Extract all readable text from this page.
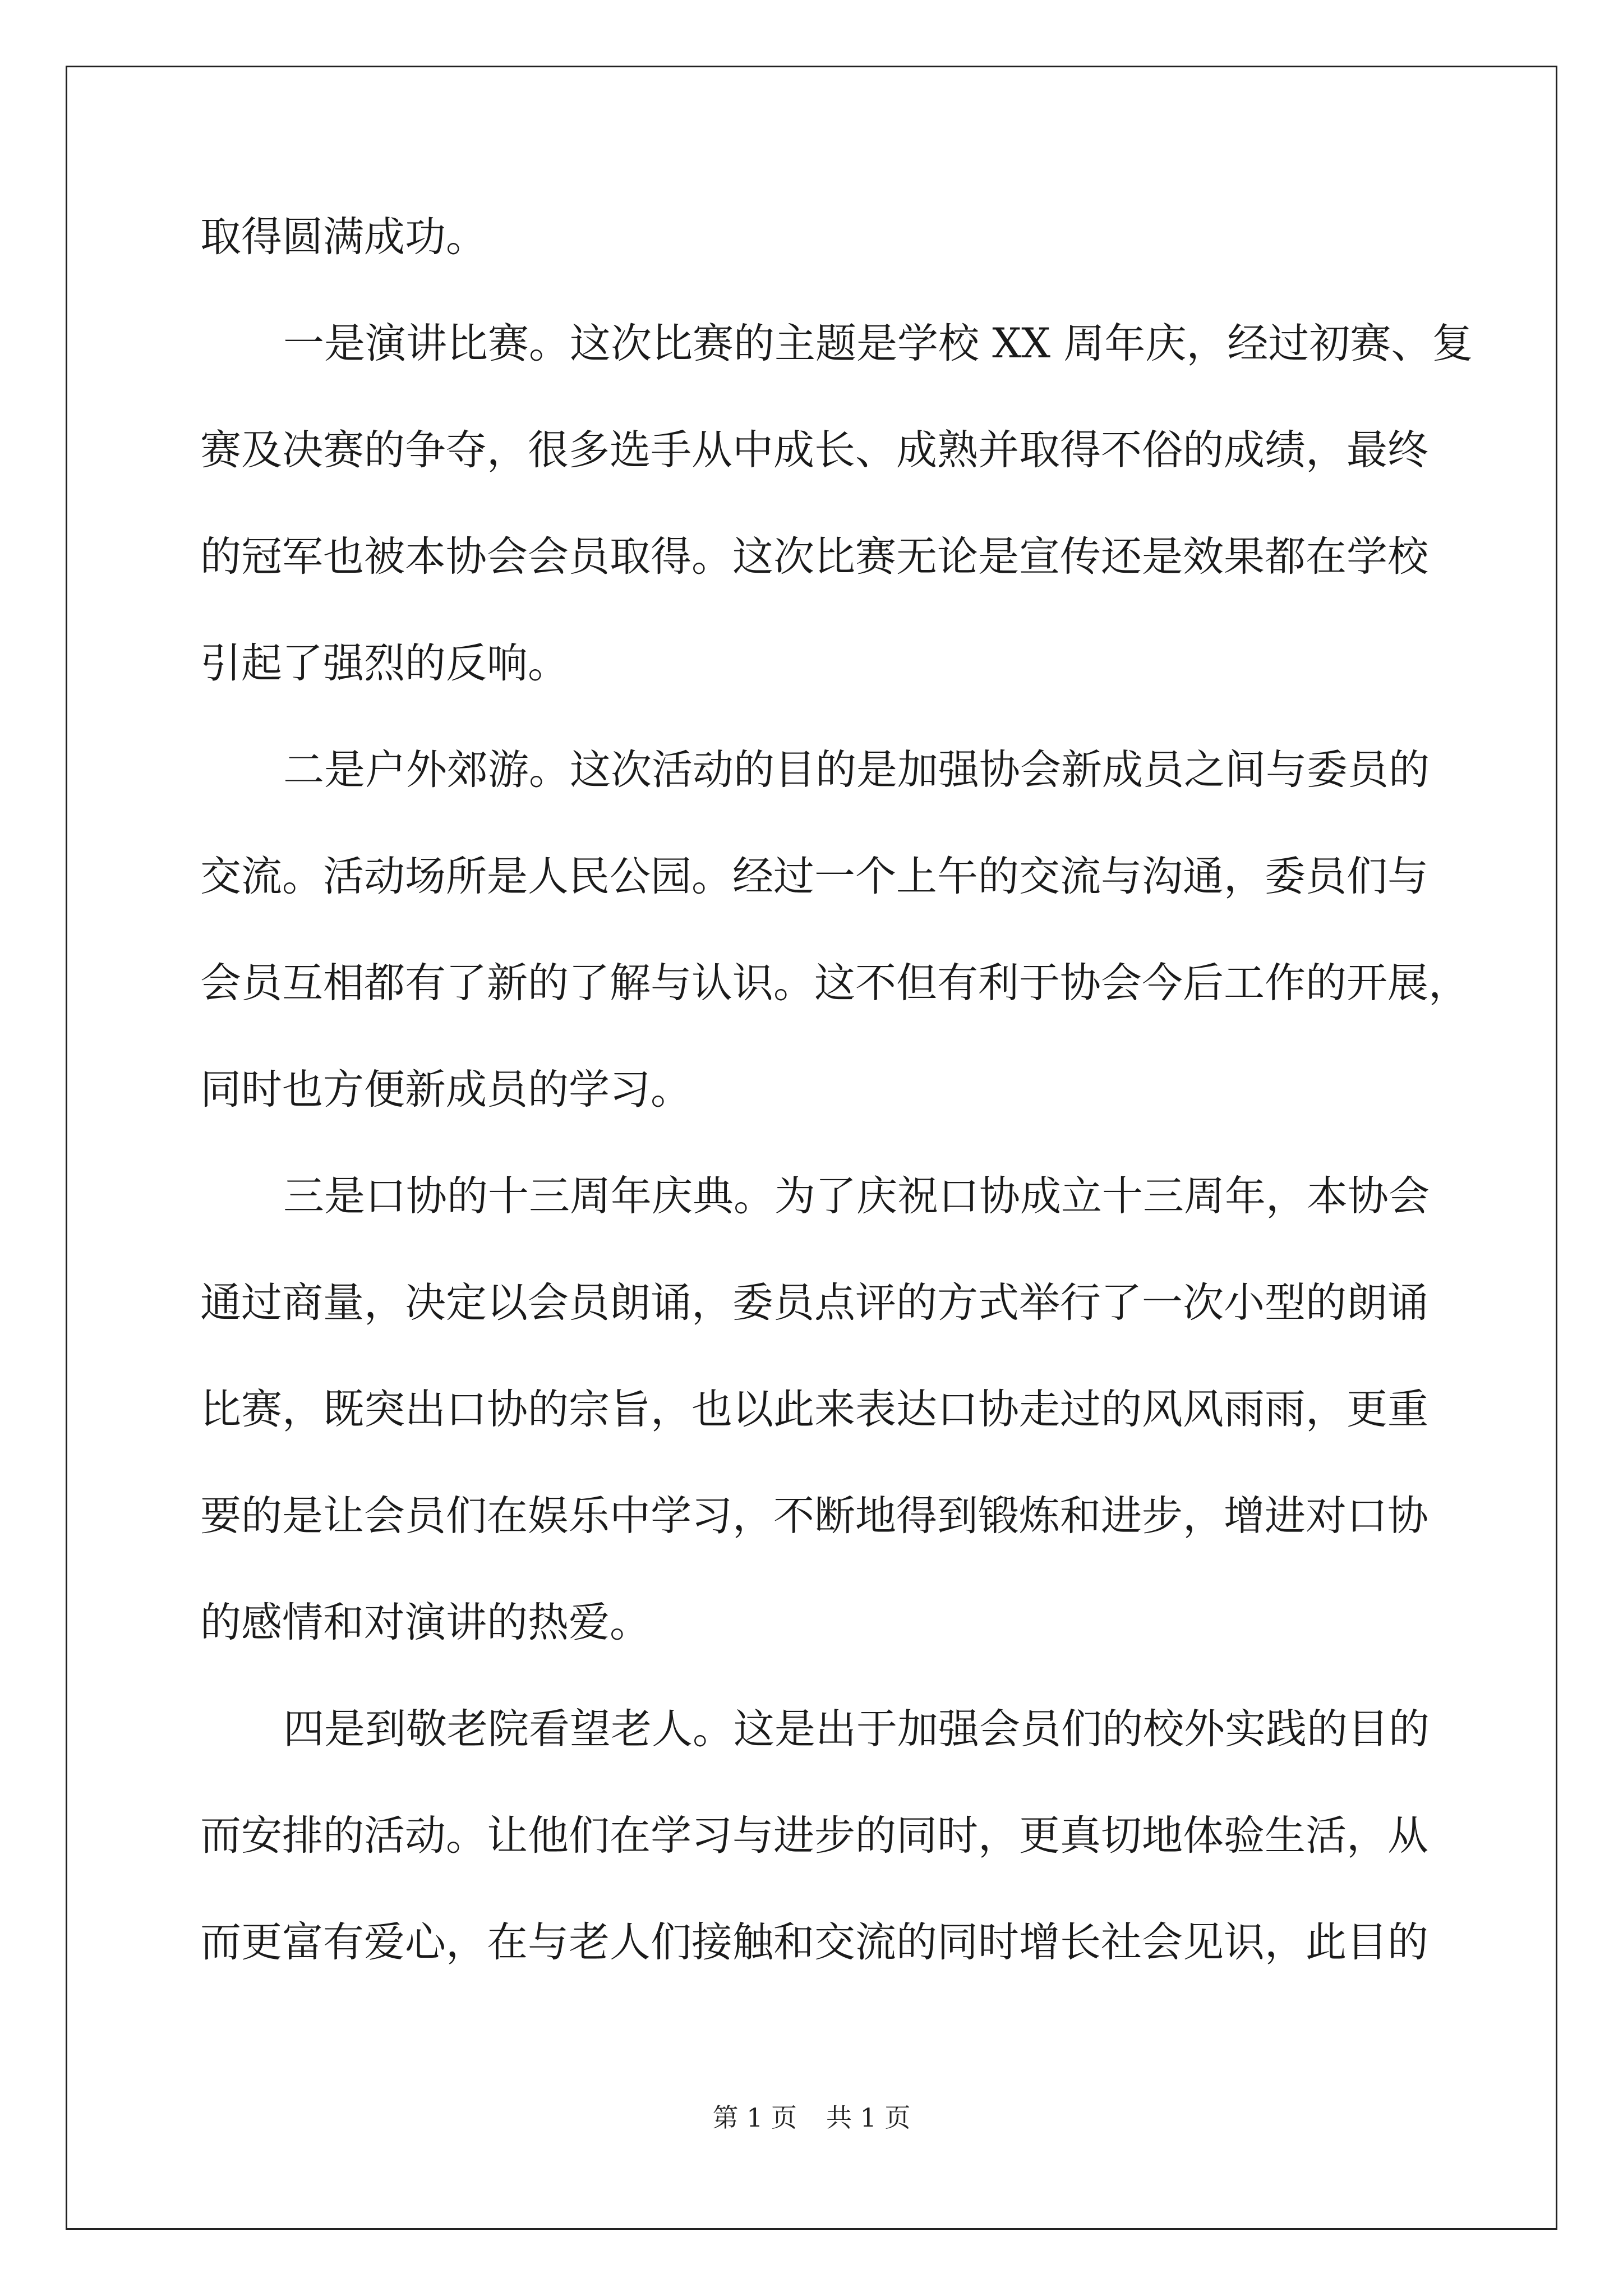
取得圆满成功。
一是演讲比赛。这次比赛的主题是学校 XX 周年庆，经过初赛、复
赛及决赛的争夺，很多选手从中成长、成熟并取得不俗的成绩，最终
的冠军也被本协会会员取得。这次比赛无论是宣传还是效果都在学校
引起了强烈的反响。
二是户外郊游。这次活动的目的是加强协会新成员之间与委员的
交流。活动场所是人民公园。经过一个上午的交流与沟通，委员们与
会员互相都有了新的了解与认识。这不但有利于协会今后工作的开展，
同时也方便新成员的学习。
三是口协的十三周年庆典。为了庆祝口协成立十三周年，本协会
通过商量，决定以会员朗诵，委员点评的方式举行了一次小型的朗诵
比赛，既突出口协的宗旨，也以此来表达口协走过的风风雨雨，更重
要的是让会员们在娱乐中学习，不断地得到锻炼和进步，增进对口协
的感情和对演讲的热爱。
四是到敬老院看望老人。这是出于加强会员们的校外实践的目的
而安排的活动。让他们在学习与进步的同时，更真切地体验生活，从
而更富有爱心，在与老人们接触和交流的同时增长社会见识，此目的
第 1 页 共 1 页
